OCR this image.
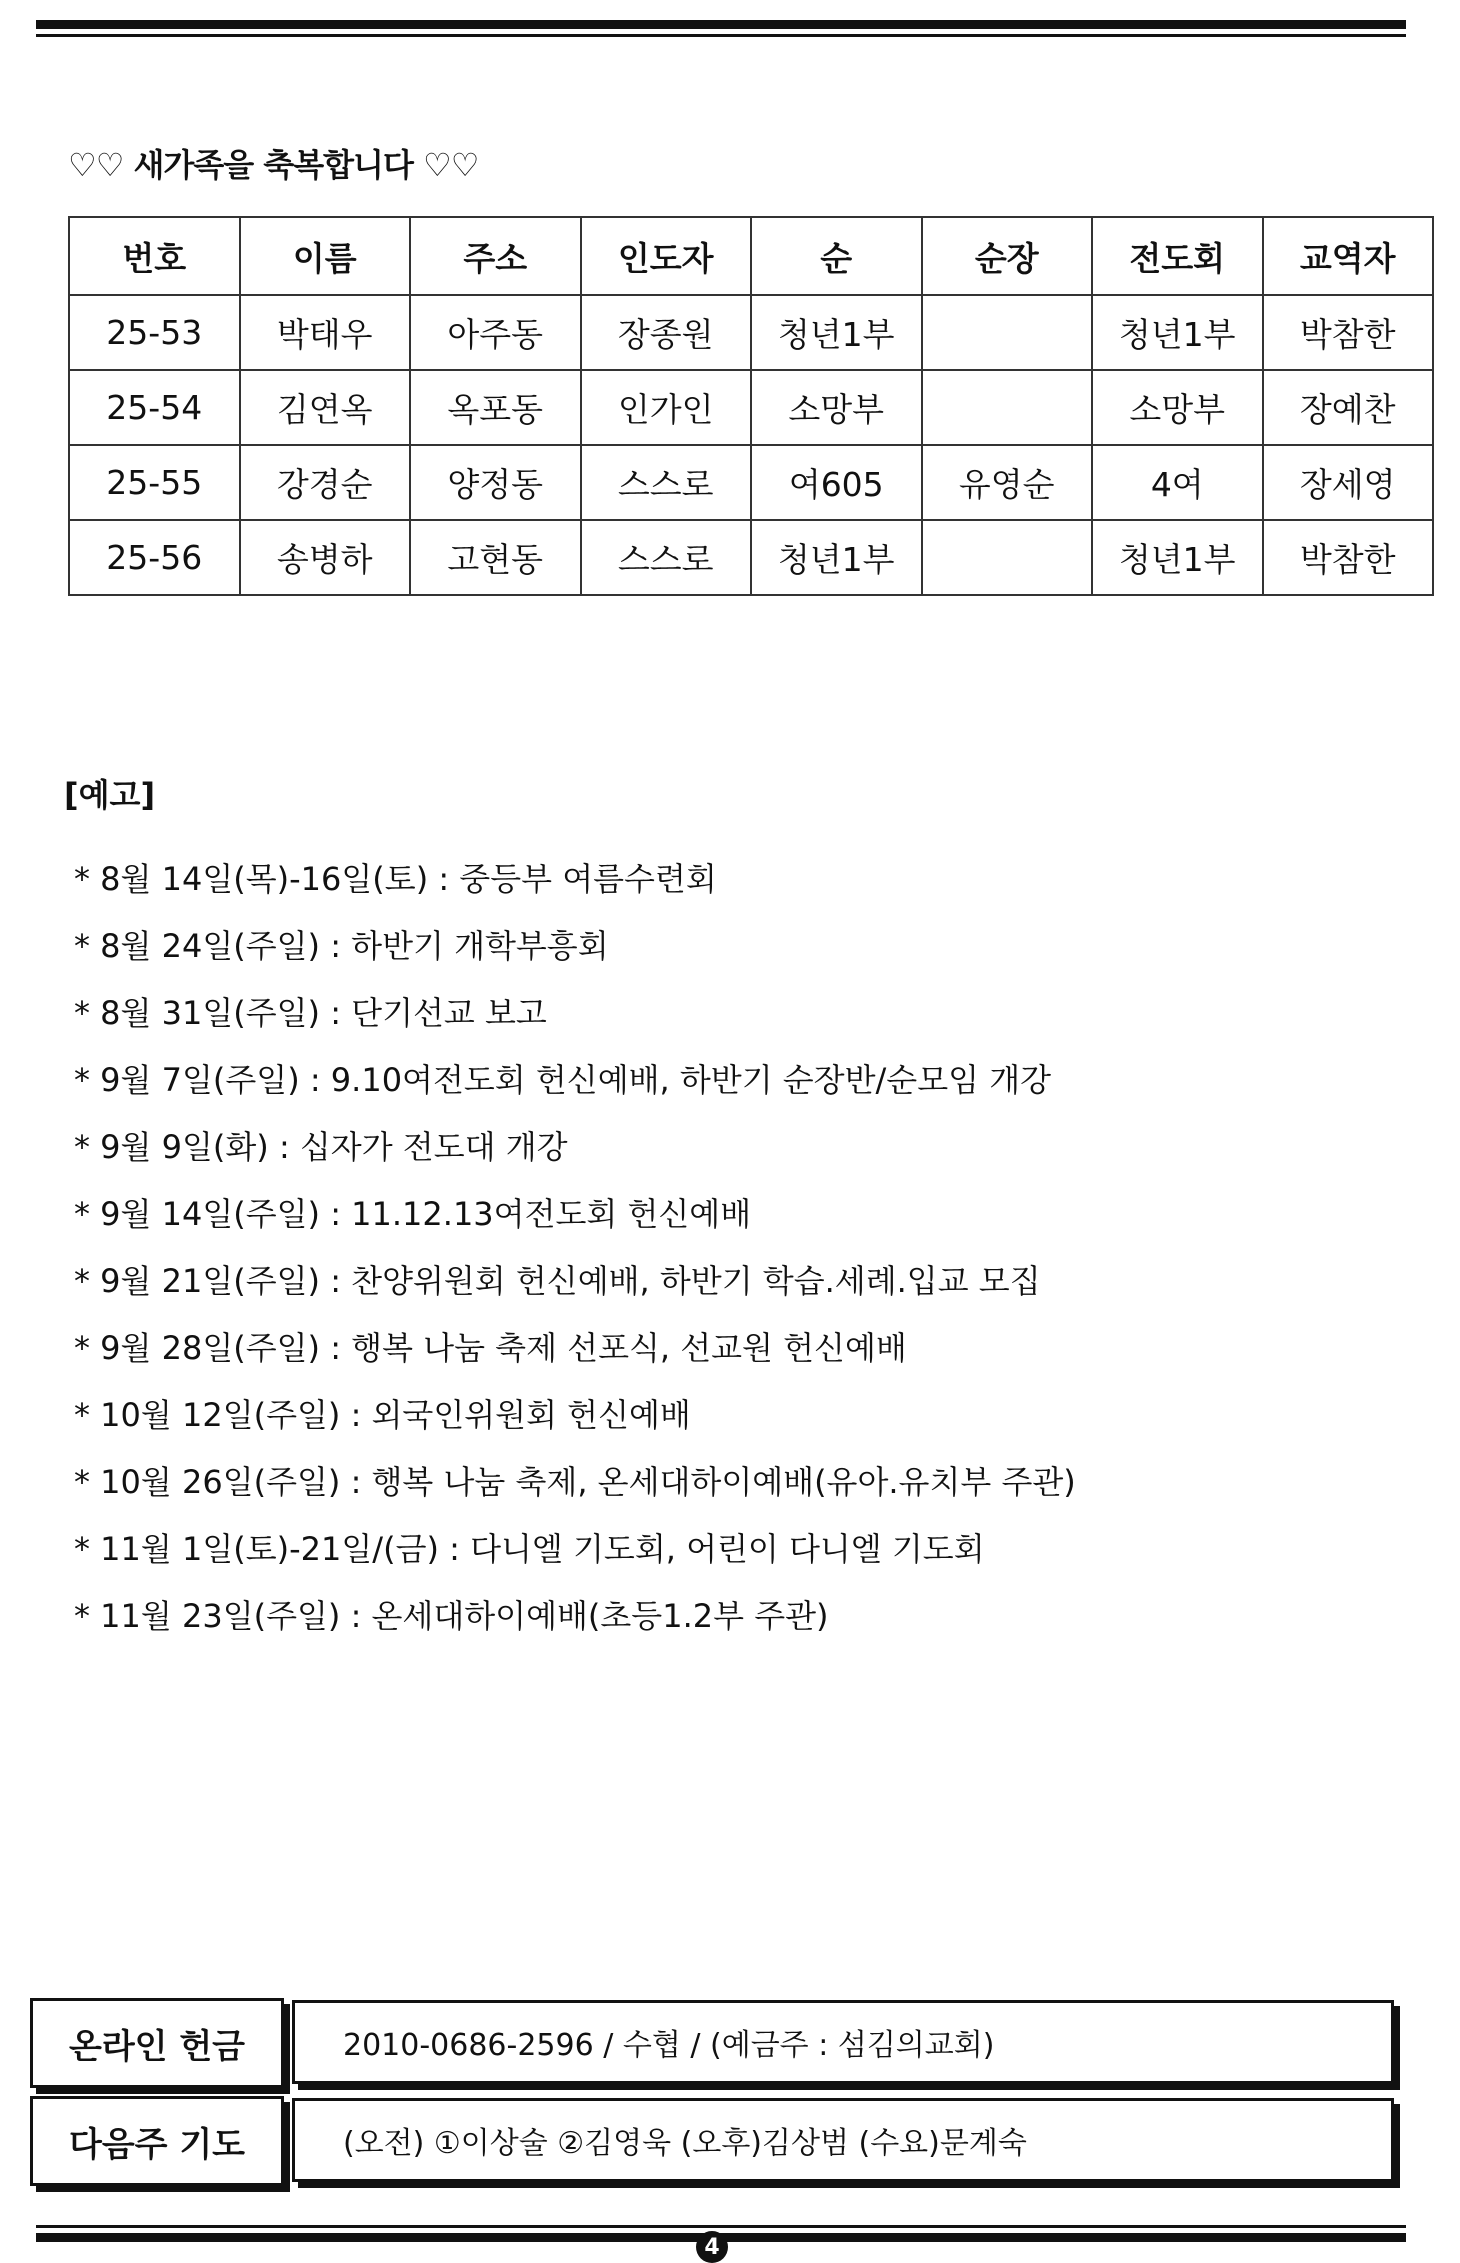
♡♡ 새가족을 축복합니다 ♡♡
번호	이름	주소	인도자	순	순장	전도회	교역자
25-53	박태우	아주동	장종원	청년1부		청년1부	박참한
25-54	김연옥	옥포동	인가인	소망부		소망부	장예찬
25-55	강경순	양정동	스스로	여605	유영순	4여	장세영
25-56	송병하	고현동	스스로	청년1부		청년1부	박참한
[예고]
* 8월 14일(목)-16일(토) : 중등부 여름수련회
* 8월 24일(주일) : 하반기 개학부흥회
* 8월 31일(주일) : 단기선교 보고
* 9월 7일(주일) : 9.10여전도회 헌신예배, 하반기 순장반/순모임 개강
* 9월 9일(화) : 십자가 전도대 개강
* 9월 14일(주일) : 11.12.13여전도회 헌신예배
* 9월 21일(주일) : 찬양위원회 헌신예배, 하반기 학습.세례.입교 모집
* 9월 28일(주일) : 행복 나눔 축제 선포식, 선교원 헌신예배
* 10월 12일(주일) : 외국인위원회 헌신예배
* 10월 26일(주일) : 행복 나눔 축제, 온세대하이예배(유아.유치부 주관)
* 11월 1일(토)-21일/(금) : 다니엘 기도회, 어린이 다니엘 기도회
* 11월 23일(주일) : 온세대하이예배(초등1.2부 주관)
온라인 헌금	2010-0686-2596 / 수협 / (예금주 : 섬김의교회)
다음주 기도	(오전) ①이상술 ②김영욱 (오후)김상범 (수요)문계숙
4
